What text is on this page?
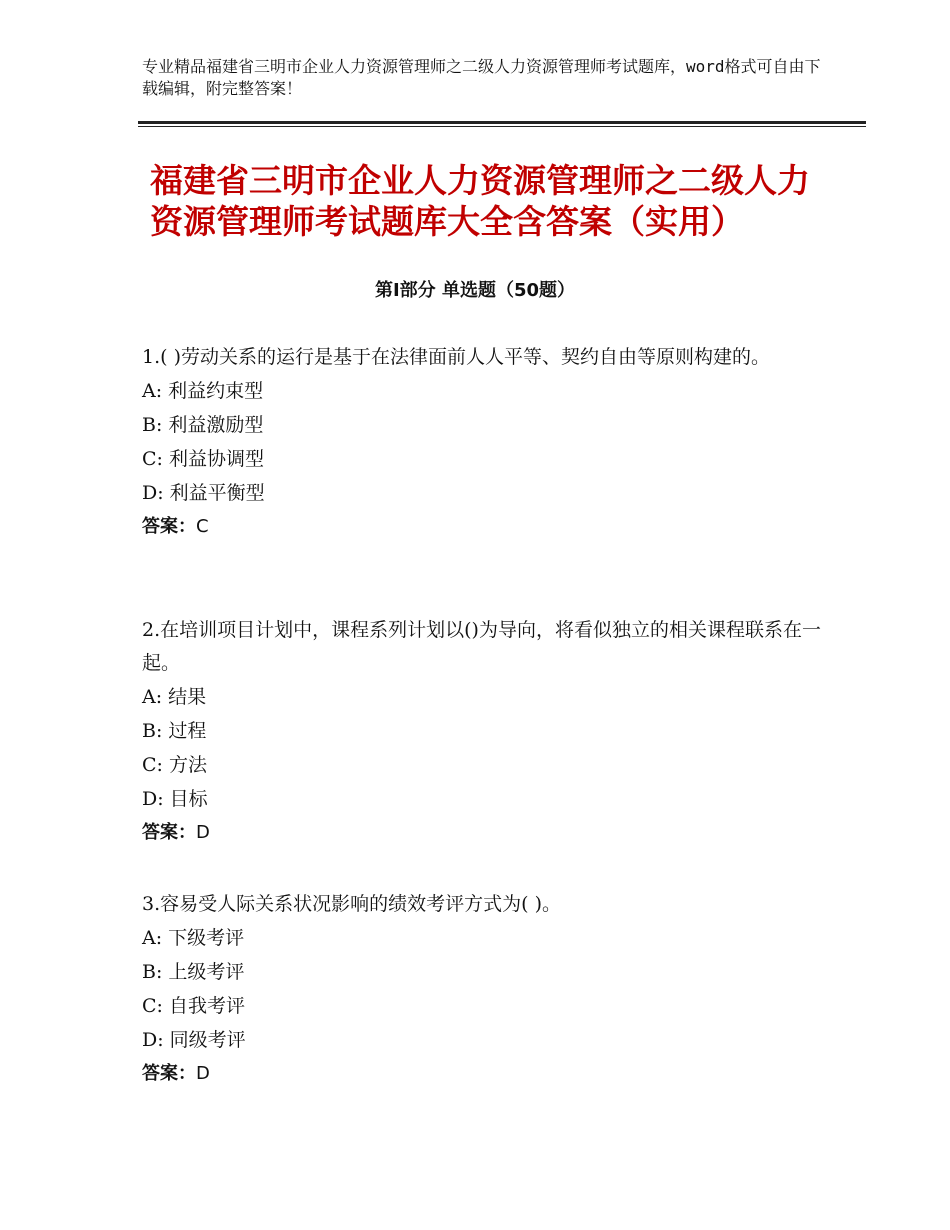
专业精品福建省三明市企业人力资源管理师之二级人力资源管理师考试题库，word格式可自由下载编辑，附完整答案！
福建省三明市企业人力资源管理师之二级人力资源管理师考试题库大全含答案（实用）
第Ⅰ部分 单选题（50题）
1.( )劳动关系的运行是基于在法律面前人人平等、契约自由等原则构建的。
A: 利益约束型
B: 利益激励型
C: 利益协调型
D: 利益平衡型
答案：C
2.在培训项目计划中，课程系列计划以()为导向，将看似独立的相关课程联系在一起。
A: 结果
B: 过程
C: 方法
D: 目标
答案：D
3.容易受人际关系状况影响的绩效考评方式为( )。
A: 下级考评
B: 上级考评
C: 自我考评
D: 同级考评
答案：D
